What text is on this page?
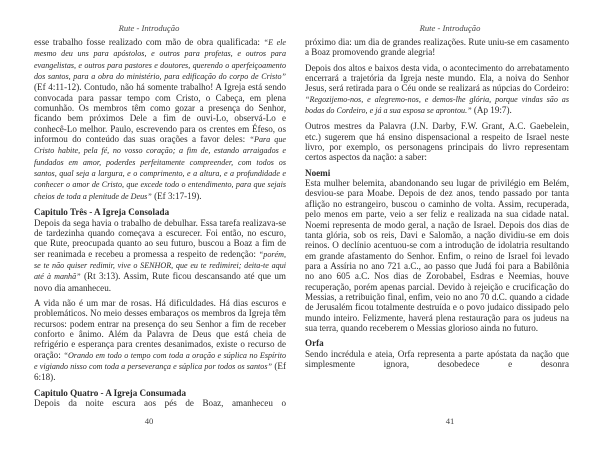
Rute - Introdução

esse trabalho fosse realizado com mão de obra qualificada: “E ele mesmo deu uns para apóstolos, e outros para profetas, e outros para evangelistas, e outros para pastores e doutores, querendo o aperfeiçoamento dos santos, para a obra do ministério, para edificação do corpo de Cristo” (Ef 4:11-12). Contudo, não há somente trabalho! A Igreja está sendo convocada para passar tempo com Cristo, o Cabeça, em plena comunhão. Os membros têm como gozar a presença do Senhor, ficando bem próximos Dele a fim de ouvi-Lo, observá-Lo e conhecê-Lo melhor. Paulo, escrevendo para os crentes em Éfeso, os informou do conteúdo das suas orações a favor deles: “Para que Cristo habite, pela fé, no vosso coração; a fim de, estando arraigados e fundados em amor, poderdes perfeitamente compreender, com todos os santos, qual seja a largura, e o comprimento, e a altura, e a profundidade e conhecer o amor de Cristo, que excede todo o entendimento, para que sejais cheios de toda a plenitude de Deus” (Ef 3:17-19).

Capitulo Três - A Igreja Consolada

Depois da sega havia o trabalho de debulhar. Essa tarefa realizava-se de tardezinha quando começava a escurecer. Foi então, no escuro, que Rute, preocupada quanto ao seu futuro, buscou a Boaz a fim de ser reanimada e recebeu a promessa a respeito de redenção: “porém, se te não quiser redimir, vive o SENHOR, que eu te redimirei; deita-te aqui até à manhã” (Rt 3:13). Assim, Rute ficou descansando até que um novo dia amanheceu.

A vida não é um mar de rosas. Há dificuldades. Há dias escuros e problemáticos. No meio desses embaraços os membros da Igreja têm recursos: podem entrar na presença do seu Senhor a fim de receber conforto e ânimo. Além da Palavra de Deus que está cheia de refrigério e esperança para crentes desanimados, existe o recurso de oração: “Orando em todo o tempo com toda a oração e súplica no Espírito e vigiando nisso com toda a perseverança e súplica por todos os santos” (Ef 6:18).

Capitulo Quatro - A Igreja Consumada

Depois da noite escura aos pés de Boaz, amanheceu o

40
Rute - Introdução

próximo dia: um dia de grandes realizações. Rute uniu-se em casamento a Boaz promovendo grande alegria!

Depois dos altos e baixos desta vida, o acontecimento do arrebatamento encerrará a trajetória da Igreja neste mundo. Ela, a noiva do Senhor Jesus, será retirada para o Céu onde se realizará as núpcias do Cordeiro: “Regozijemo-nos, e alegremo-nos, e demos-lhe glória, porque vindas são as bodas do Cordeiro, e já a sua esposa se aprontou.” (Ap 19:7).

Outros mestres da Palavra (J.N. Darby, F.W. Grant, A.C. Gaebelein, etc.) sugerem que há ensino dispensacional a respeito de Israel neste livro, por exemplo, os personagens principais do livro representam certos aspectos da nação: a saber:

Noemi

Esta mulher belemita, abandonando seu lugar de privilégio em Belém, desviou-se para Moabe. Depois de dez anos, tendo passado por tanta aflição no estrangeiro, buscou o caminho de volta. Assim, recuperada, pelo menos em parte, veio a ser feliz e realizada na sua cidade natal. Noemi representa de modo geral, a nação de Israel. Depois dos dias de tanta glória, sob os reis, Davi e Salomão, a nação dividiu-se em dois reinos. O declínio acentuou-se com a introdução de idolatria resultando em grande afastamento do Senhor. Enfim, o reino de Israel foi levado para a Assíria no ano 721 a.C., ao passo que Judá foi para a Babilônia no ano 605 a.C. Nos dias de Zorobabel, Esdras e Neemias, houve recuperação, porém apenas parcial. Devido à rejeição e crucificação do Messias, a retribuição final, enfim, veio no ano 70 d.C. quando a cidade de Jerusalém ficou totalmente destruída e o povo judaico dissipado pelo mundo inteiro. Felizmente, haverá plena restauração para os judeus na sua terra, quando receberem o Messias glorioso ainda no futuro.

Orfa

Sendo incrédula e ateia, Orfa representa a parte apóstata da nação que simplesmente ignora, desobedece e desonra

41
